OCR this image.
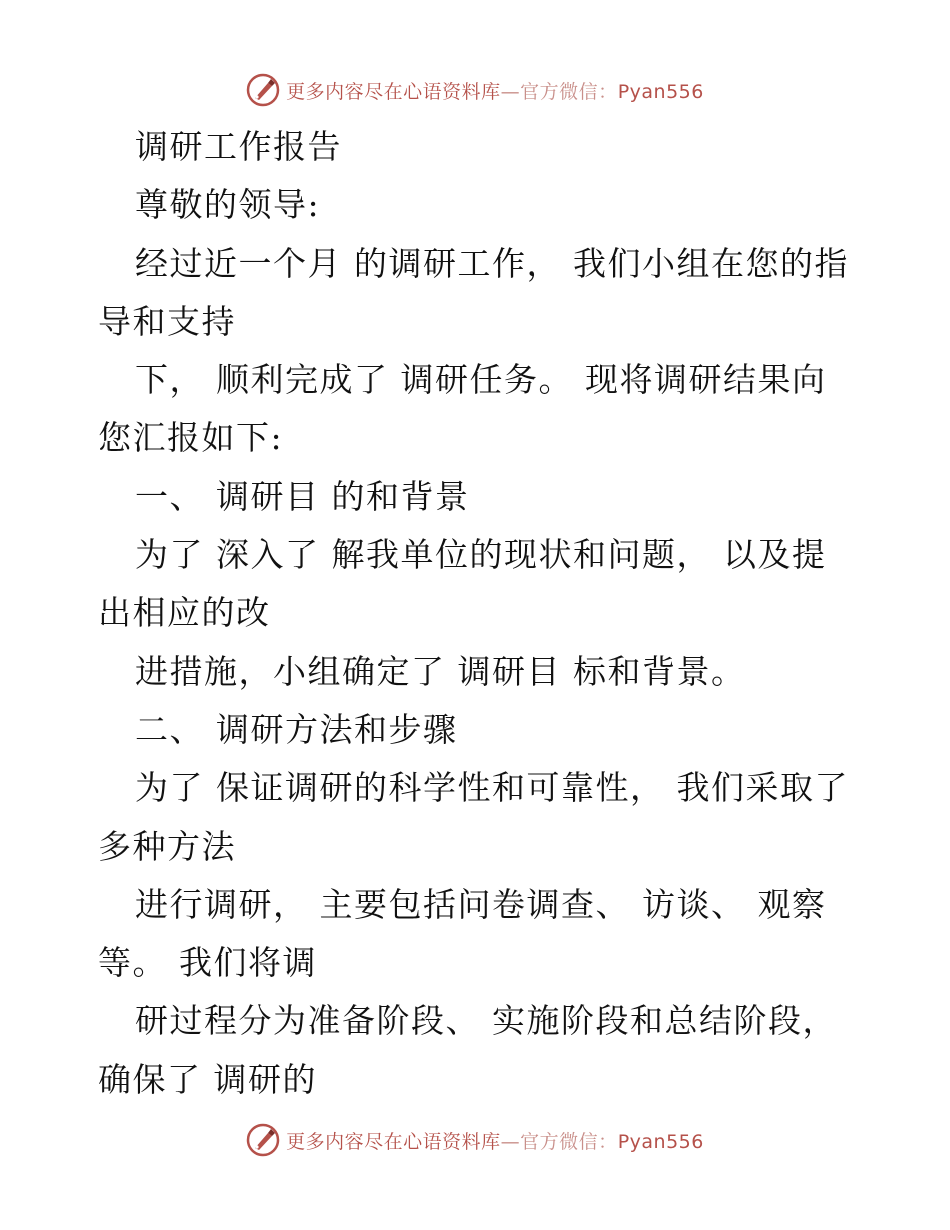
更多内容尽在心语资料库—官方微信：Pyan556
调研工作报告
尊敬的领导:
经过近一个月 的调研工作， 我们小组在您的指
导和支持
下， 顺利完成了 调研任务。 现将调研结果向
您汇报如下:
一、 调研目 的和背景
为了 深入了 解我单位的现状和问题， 以及提
出相应的改
进措施，小组确定了 调研目 标和背景。
二、 调研方法和步骤
为了 保证调研的科学性和可靠性， 我们采取了
多种方法
进行调研， 主要包括问卷调查、 访谈、 观察
等。 我们将调
研过程分为准备阶段、 实施阶段和总结阶段，
确保了 调研的
更多内容尽在心语资料库—官方微信：Pyan556
